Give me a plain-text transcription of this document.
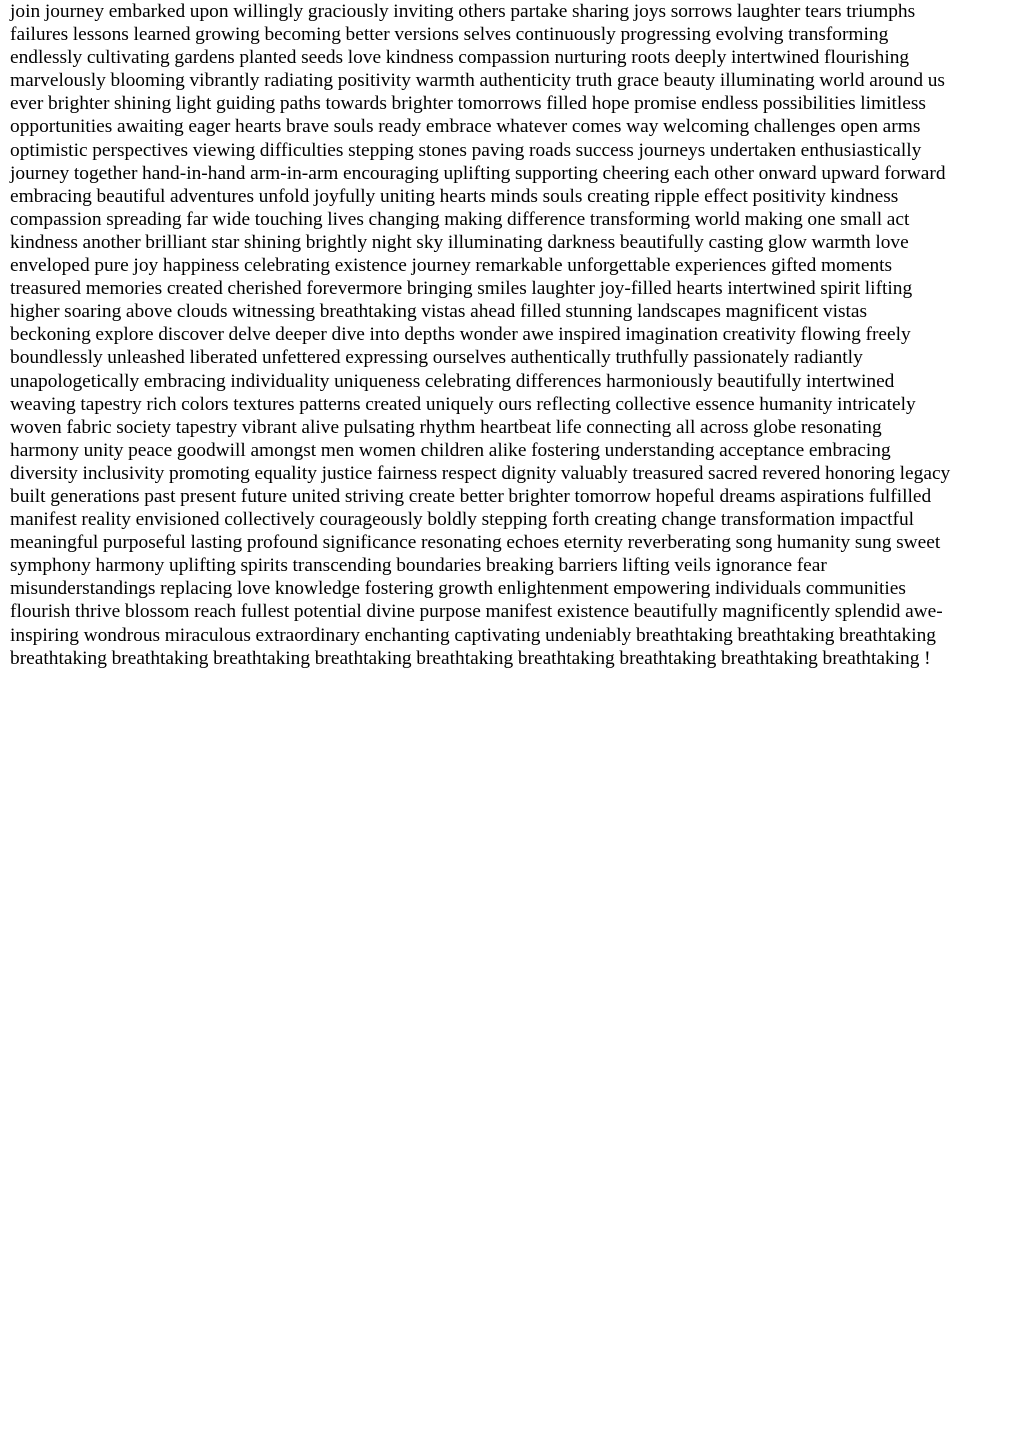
join journey embarked upon willingly graciously inviting others partake sharing joys sorrows laughter tears triumphs
failures lessons learned growing becoming better versions selves continuously progressing evolving transforming
endlessly cultivating gardens planted seeds love kindness compassion nurturing roots deeply intertwined flourishing
marvelously blooming vibrantly radiating positivity warmth authenticity truth grace beauty illuminating world around us
ever brighter shining light guiding paths towards brighter tomorrows filled hope promise endless possibilities limitless
opportunities awaiting eager hearts brave souls ready embrace whatever comes way welcoming challenges open arms
optimistic perspectives viewing difficulties stepping stones paving roads success journeys undertaken enthusiastically
journey together hand-in-hand arm-in-arm encouraging uplifting supporting cheering each other onward upward forward
embracing beautiful adventures unfold joyfully uniting hearts minds souls creating ripple effect positivity kindness
compassion spreading far wide touching lives changing making difference transforming world making one small act
kindness another brilliant star shining brightly night sky illuminating darkness beautifully casting glow warmth love
enveloped pure joy happiness celebrating existence journey remarkable unforgettable experiences gifted moments
treasured memories created cherished forevermore bringing smiles laughter joy-filled hearts intertwined spirit lifting
higher soaring above clouds witnessing breathtaking vistas ahead filled stunning landscapes magnificent vistas
beckoning explore discover delve deeper dive into depths wonder awe inspired imagination creativity flowing freely
boundlessly unleashed liberated unfettered expressing ourselves authentically truthfully passionately radiantly
unapologetically embracing individuality uniqueness celebrating differences harmoniously beautifully intertwined
weaving tapestry rich colors textures patterns created uniquely ours reflecting collective essence humanity intricately
woven fabric society tapestry vibrant alive pulsating rhythm heartbeat life connecting all across globe resonating
harmony unity peace goodwill amongst men women children alike fostering understanding acceptance embracing
diversity inclusivity promoting equality justice fairness respect dignity valuably treasured sacred revered honoring legacy
built generations past present future united striving create better brighter tomorrow hopeful dreams aspirations fulfilled
manifest reality envisioned collectively courageously boldly stepping forth creating change transformation impactful
meaningful purposeful lasting profound significance resonating echoes eternity reverberating song humanity sung sweet
symphony harmony uplifting spirits transcending boundaries breaking barriers lifting veils ignorance fear
misunderstandings replacing love knowledge fostering growth enlightenment empowering individuals communities
flourish thrive blossom reach fullest potential divine purpose manifest existence beautifully magnificently splendid awe-
inspiring wondrous miraculous extraordinary enchanting captivating undeniably breathtaking breathtaking breathtaking
breathtaking breathtaking breathtaking breathtaking breathtaking breathtaking breathtaking breathtaking breathtaking !
